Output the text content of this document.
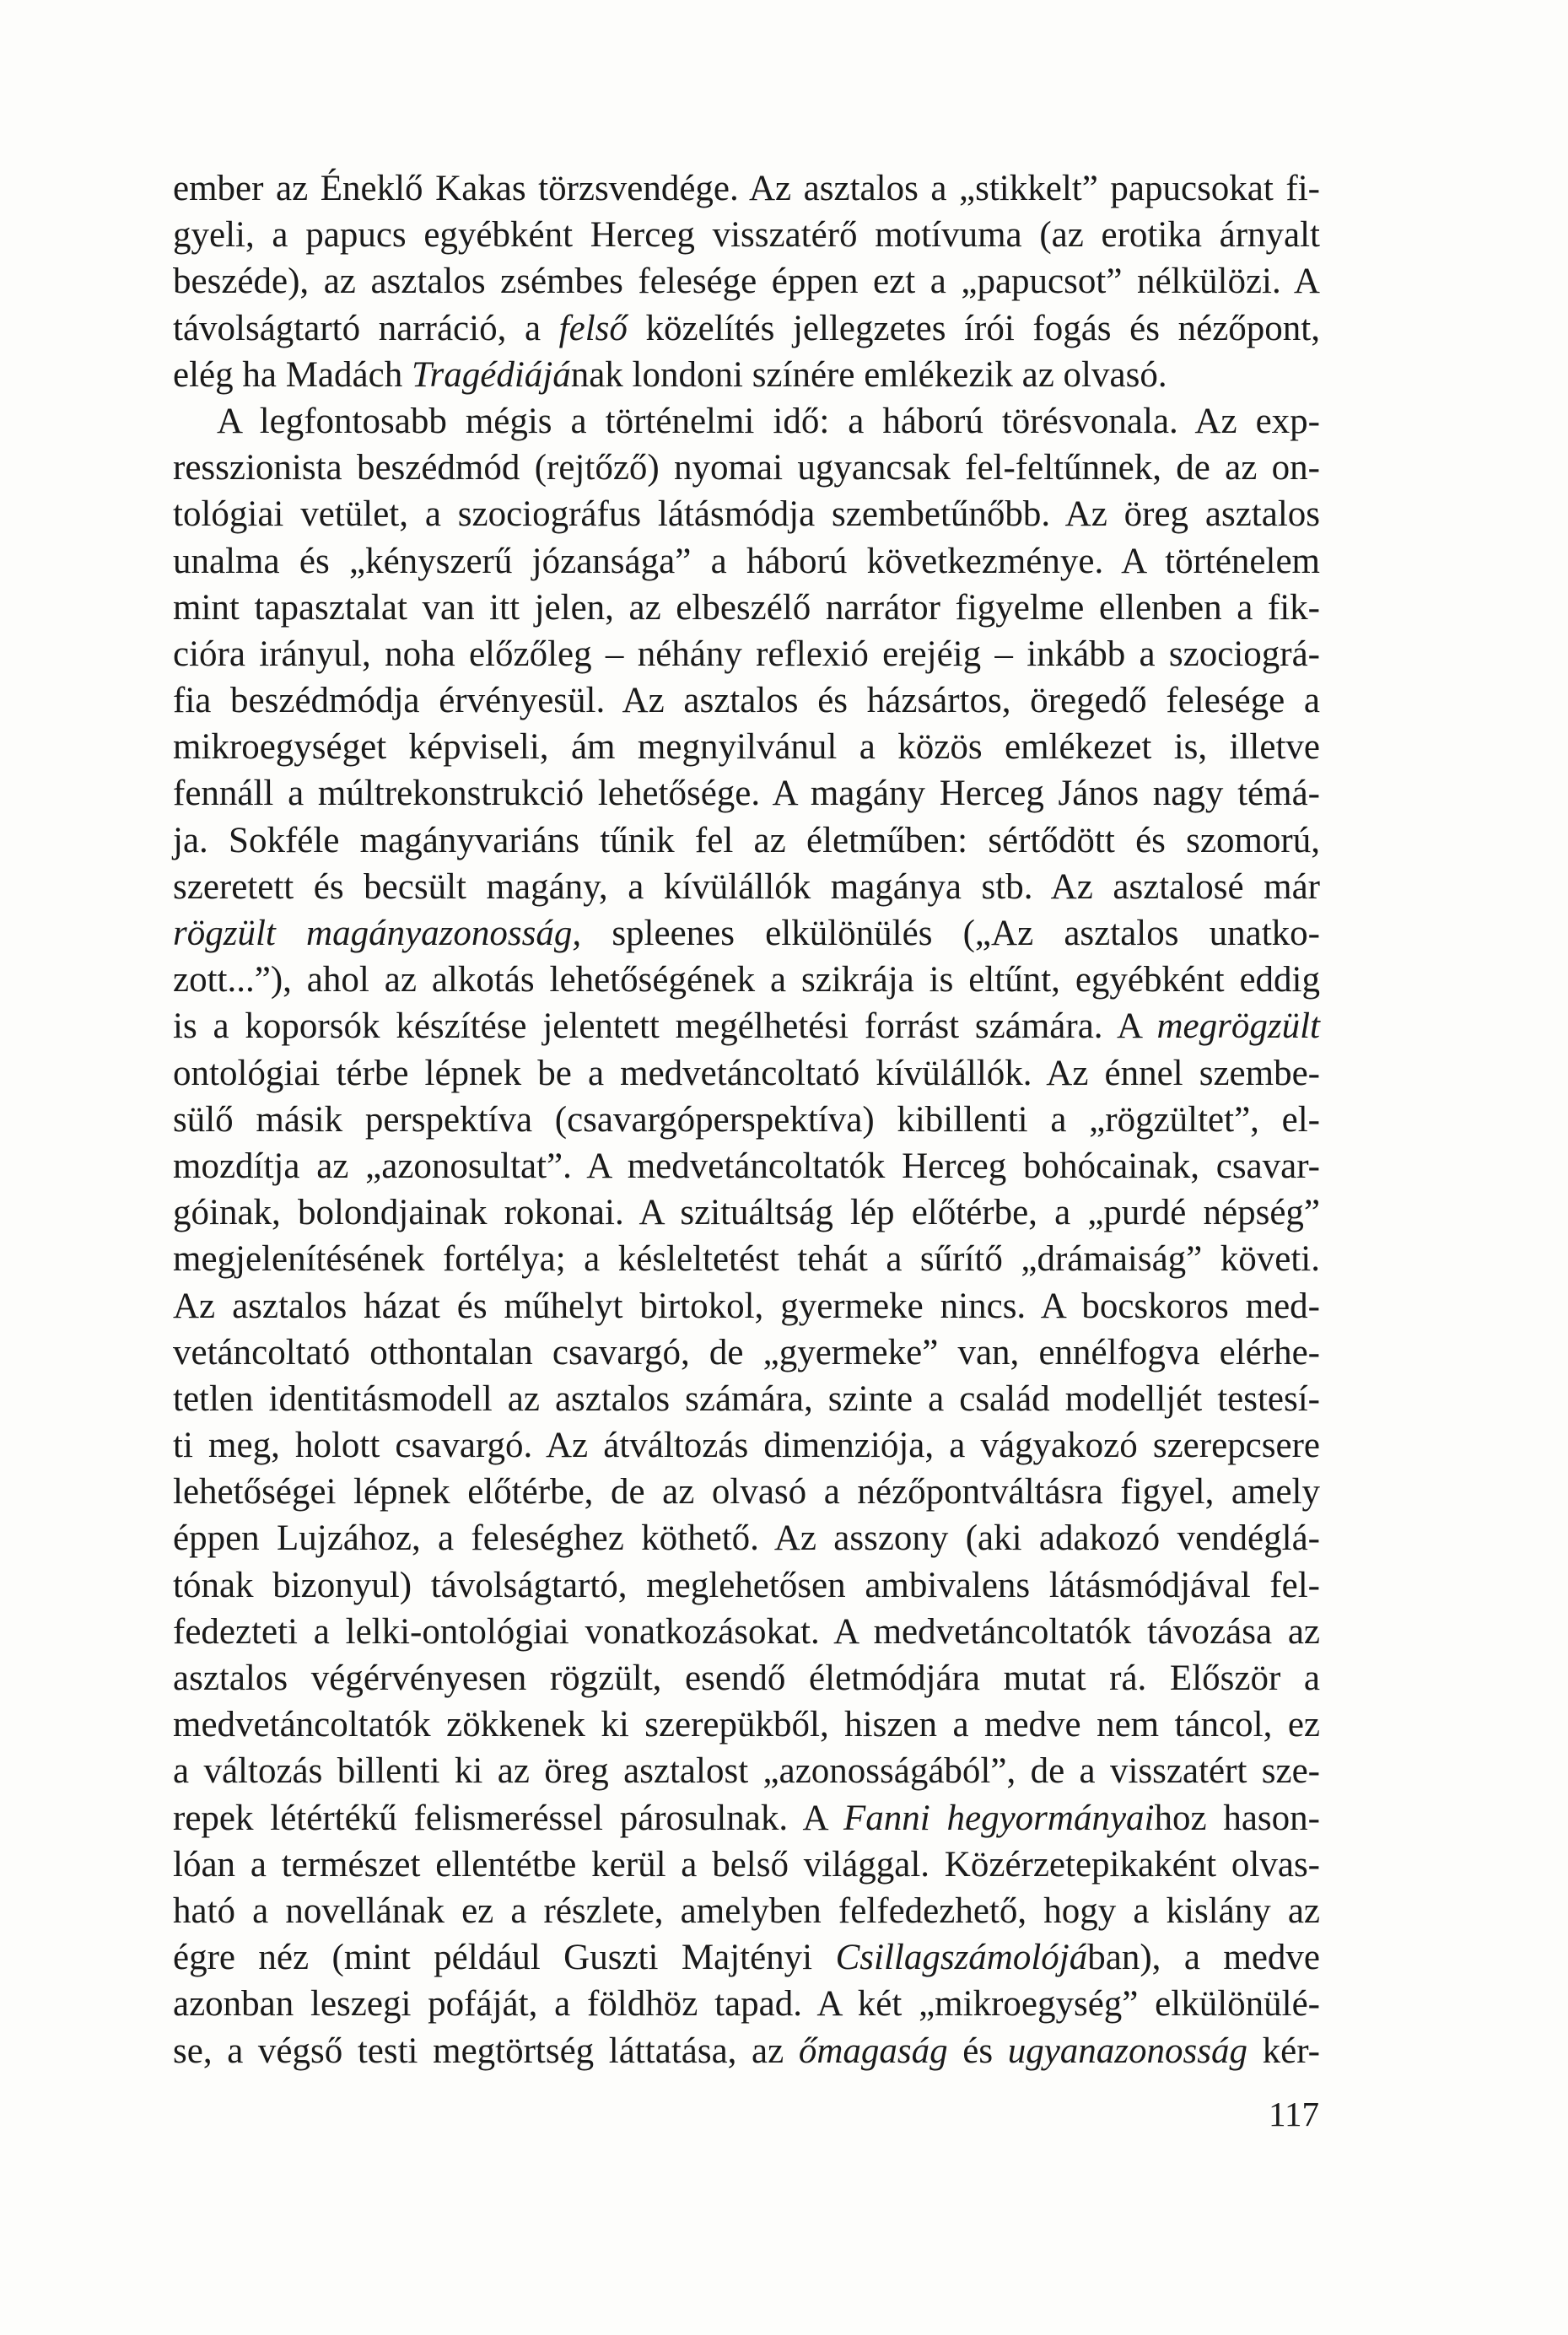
ember az Éneklő Kakas törzsvendége. Az asztalos a „stikkelt” papucsokat fi-
gyeli, a papucs egyébként Herceg visszatérő motívuma (az erotika árnyalt
beszéde), az asztalos zsémbes felesége éppen ezt a „papucsot” nélkülözi. A
távolságtartó narráció, a felső közelítés jellegzetes írói fogás és nézőpont,
elég ha Madách Tragédiájának londoni színére emlékezik az olvasó.
A legfontosabb mégis a történelmi idő: a háború törésvonala. Az exp-
resszionista beszédmód (rejtőző) nyomai ugyancsak fel-feltűnnek, de az on-
tológiai vetület, a szociográfus látásmódja szembetűnőbb. Az öreg asztalos
unalma és „kényszerű józansága” a háború következménye. A történelem
mint tapasztalat van itt jelen, az elbeszélő narrátor figyelme ellenben a fik-
cióra irányul, noha előzőleg – néhány reflexió erejéig – inkább a szociográ-
fia beszédmódja érvényesül. Az asztalos és házsártos, öregedő felesége a
mikroegységet képviseli, ám megnyilvánul a közös emlékezet is, illetve
fennáll a múltrekonstrukció lehetősége. A magány Herceg János nagy témá-
ja. Sokféle magányvariáns tűnik fel az életműben: sértődött és szomorú,
szeretett és becsült magány, a kívülállók magánya stb. Az asztalosé már
rögzült magányazonosság, spleenes elkülönülés („Az asztalos unatko-
zott...”), ahol az alkotás lehetőségének a szikrája is eltűnt, egyébként eddig
is a koporsók készítése jelentett megélhetési forrást számára. A megrögzült
ontológiai térbe lépnek be a medvetáncoltató kívülállók. Az énnel szembe-
sülő másik perspektíva (csavargóperspektíva) kibillenti a „rögzültet”, el-
mozdítja az „azonosultat”. A medvetáncoltatók Herceg bohócainak, csavar-
góinak, bolondjainak rokonai. A szituáltság lép előtérbe, a „purdé népség”
megjelenítésének fortélya; a késleltetést tehát a sűrítő „drámaiság” követi.
Az asztalos házat és műhelyt birtokol, gyermeke nincs. A bocskoros med-
vetáncoltató otthontalan csavargó, de „gyermeke” van, ennélfogva elérhe-
tetlen identitásmodell az asztalos számára, szinte a család modelljét testesí-
ti meg, holott csavargó. Az átváltozás dimenziója, a vágyakozó szerepcsere
lehetőségei lépnek előtérbe, de az olvasó a nézőpontváltásra figyel, amely
éppen Lujzához, a feleséghez köthető. Az asszony (aki adakozó vendéglá-
tónak bizonyul) távolságtartó, meglehetősen ambivalens látásmódjával fel-
fedezteti a lelki-ontológiai vonatkozásokat. A medvetáncoltatók távozása az
asztalos végérvényesen rögzült, esendő életmódjára mutat rá. Először a
medvetáncoltatók zökkenek ki szerepükből, hiszen a medve nem táncol, ez
a változás billenti ki az öreg asztalost „azonosságából”, de a visszatért sze-
repek létértékű felismeréssel párosulnak. A Fanni hegyormányaihoz hason-
lóan a természet ellentétbe kerül a belső világgal. Közérzetepikaként olvas-
ható a novellának ez a részlete, amelyben felfedezhető, hogy a kislány az
égre néz (mint például Guszti Majtényi Csillagszámolójában), a medve
azonban leszegi pofáját, a földhöz tapad. A két „mikroegység” elkülönülé-
se, a végső testi megtörtség láttatása, az őmagaság és ugyanazonosság kér-
117
